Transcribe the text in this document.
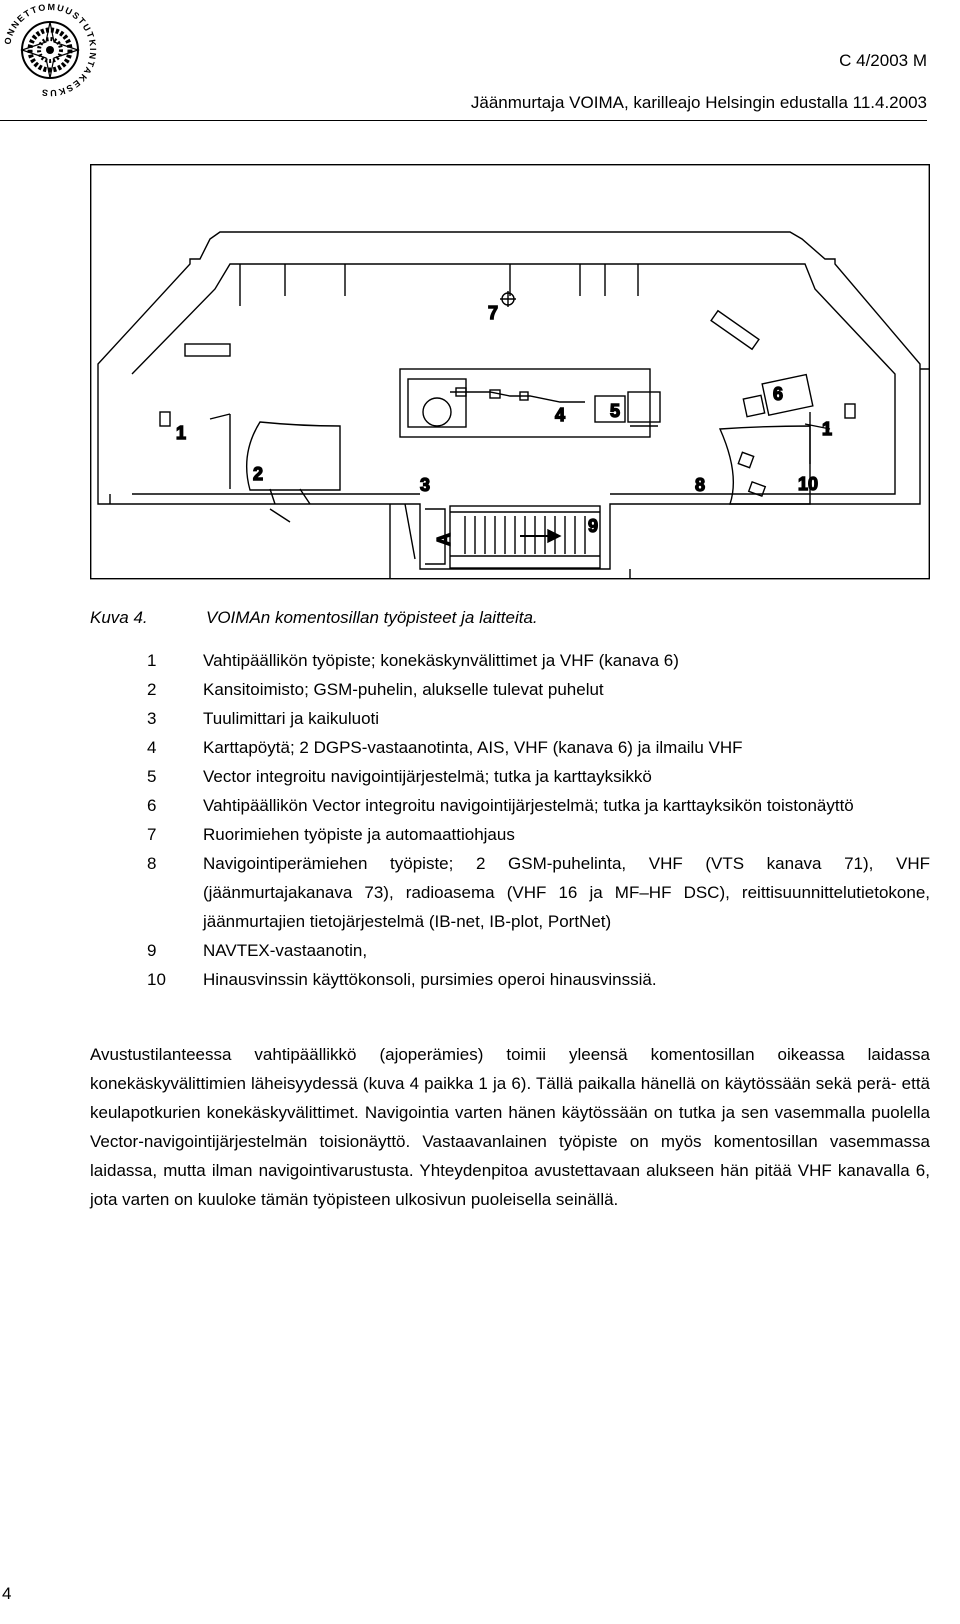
ONNETTOMUUSTUTKINTAKESKUS
C 4/2003 M
Jäänmurtaja VOIMA, karilleajo Helsingin edustalla 11.4.2003
7
1
4 5
6
1
2
3	8	10
A
9
Kuva 4.	VOIMAn komentosillan työpisteet ja laitteita.
1	Vahtipäällikön työpiste; konekäskynvälittimet ja VHF (kanava 6)
2	Kansitoimisto; GSM-puhelin, alukselle tulevat puhelut
3	Tuulimittari ja kaikuluoti
4	Karttapöytä; 2 DGPS-vastaanotinta, AIS, VHF (kanava 6) ja ilmailu VHF
5	Vector integroitu navigointijärjestelmä; tutka ja karttayksikkö
6	Vahtipäällikön Vector integroitu navigointijärjestelmä; tutka ja karttayksikön toistonäyttö
7	Ruorimiehen työpiste ja automaattiohjaus
8	Navigointiperämiehen työpiste; 2 GSM-puhelinta, VHF (VTS kanava 71), VHF (jäänmurtajakanava 73), radioasema (VHF 16 ja MF–HF DSC), reittisuunnittelutietokone, jäänmurtajien tietojärjestelmä (IB-net, IB-plot, PortNet)
9	NAVTEX-vastaanotin,
10	Hinausvinssin käyttökonsoli, pursimies operoi hinausvinssiä.
Avustustilanteessa vahtipäällikkö (ajoperämies) toimii yleensä komentosillan oikeassa laidassa konekäskyvälittimien läheisyydessä (kuva 4 paikka 1 ja 6). Tällä paikalla hänellä on käytössään sekä perä- että keulapotkurien konekäskyvälittimet. Navigointia varten hänen käytössään on tutka ja sen vasemmalla puolella Vector-navigointijärjestelmän toisionäyttö. Vastaavanlainen työpiste on myös komentosillan vasemmassa laidassa, mutta ilman navigointivarustusta. Yhteydenpitoa avustettavaan alukseen hän pitää VHF kanavalla 6, jota varten on kuuloke tämän työpisteen ulkosivun puoleisella seinällä.
4
